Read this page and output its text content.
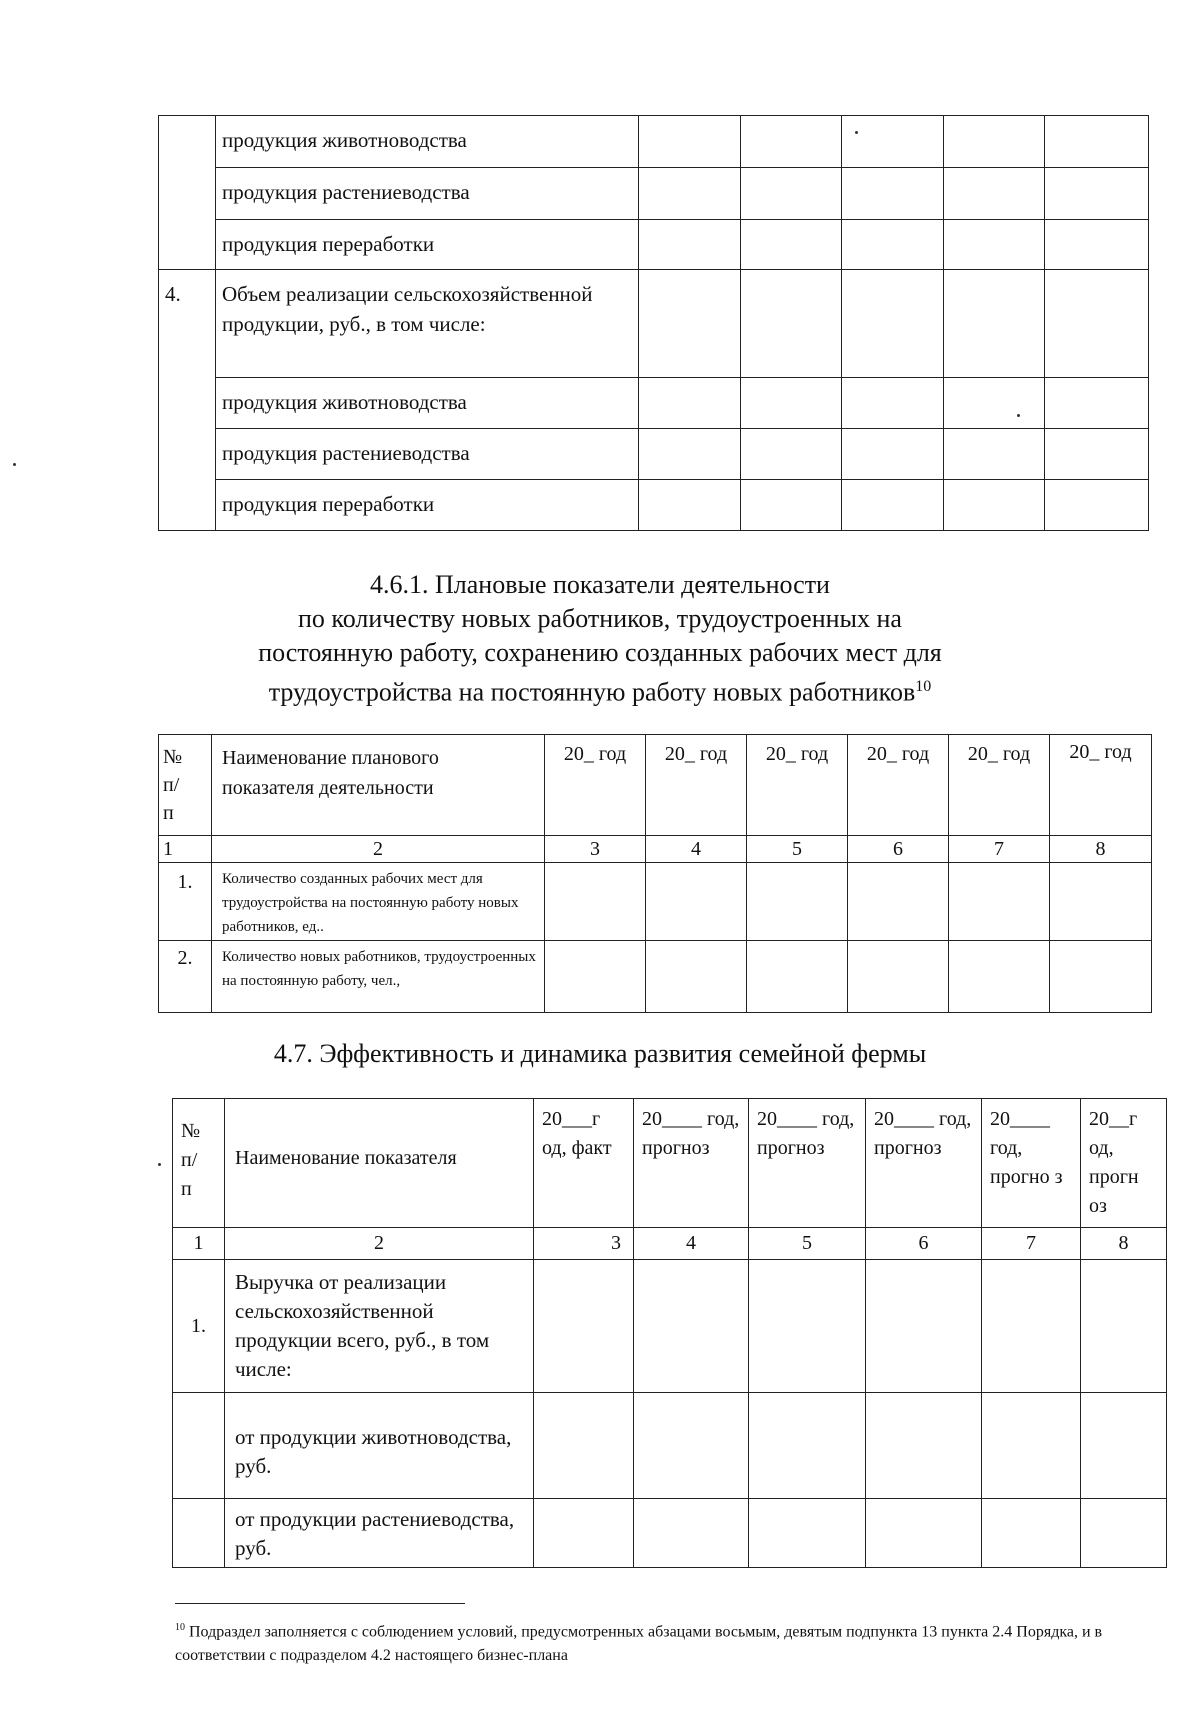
	продукция животноводства					

	продукция растениеводства					

	продукция переработки					

4.	Объем реализации сельскохозяйственной продукции, руб., в том числе:					

	продукция животноводства					

	продукция растениеводства					

	продукция переработки					

4.6.1. Плановые показатели деятельности
по количеству новых работников, трудоустроенных на
постоянную работу, сохранению созданных рабочих мест для
трудоустройства на постоянную работу новых работников$^{10}$
№ п/ п	Наименование планового показателя деятельности	20_ год	20_ год	20_ год	20_ год	20_ год	20_ год

1	2	3	4	5	6	7	8

1.	Количество созданных рабочих мест для трудоустройства на постоянную работу новых работников, ед..						

2.	Количество новых работников, трудоустроенных на постоянную работу, чел.,						

4.7. Эффективность и динамика развития семейной фермы
№ п/ п	Наименование показателя	20___г од, факт	20____ год, прогноз	20____ год, прогноз	20____ год, прогноз	20____ год, прогно з	20__г од, прогн оз

1	2	3	4	5	6	7	8

1.	Выручка от реализации сельскохозяйственной продукции всего, руб., в том числе:						

	от продукции животноводства, руб.						

	от продукции растениеводства, руб.						

$^{10}$ Подраздел заполняется с соблюдением условий, предусмотренных абзацами восьмым, девятым подпункта 13 пункта 2.4 Порядка, и в соответствии с подразделом 4.2 настоящего бизнес-плана
